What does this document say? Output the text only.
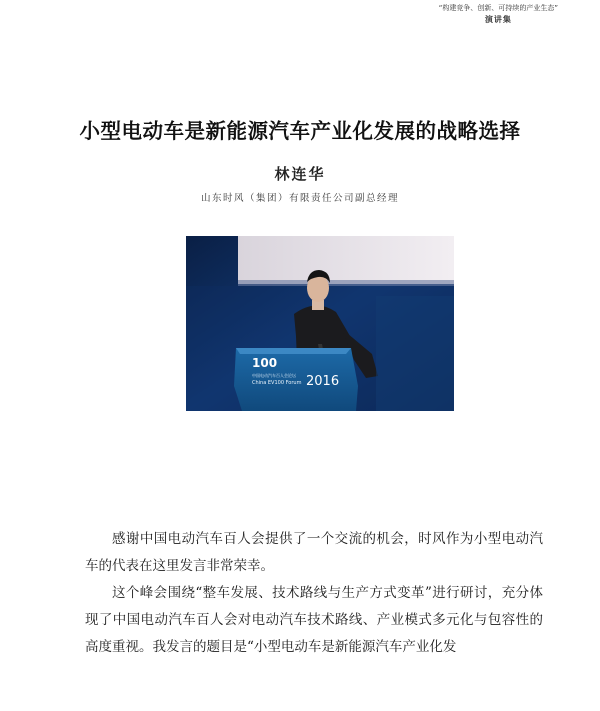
“构建竞争、创新、可持续的产业生态”
演讲集
小型电动车是新能源汽车产业化发展的战略选择
林连华
山东时风（集团）有限责任公司副总经理
100
中国电动汽车百人会论坛
China EV100 Forum 2016

感谢中国电动汽车百人会提供了一个交流的机会，时风作为小型电动汽车的代表在这里发言非常荣幸。

这个峰会围绕“整车发展、技术路线与生产方式变革”进行研讨，充分体现了中国电动汽车百人会对电动汽车技术路线、产业模式多元化与包容性的高度重视。我发言的题目是“小型电动车是新能源汽车产业化发
